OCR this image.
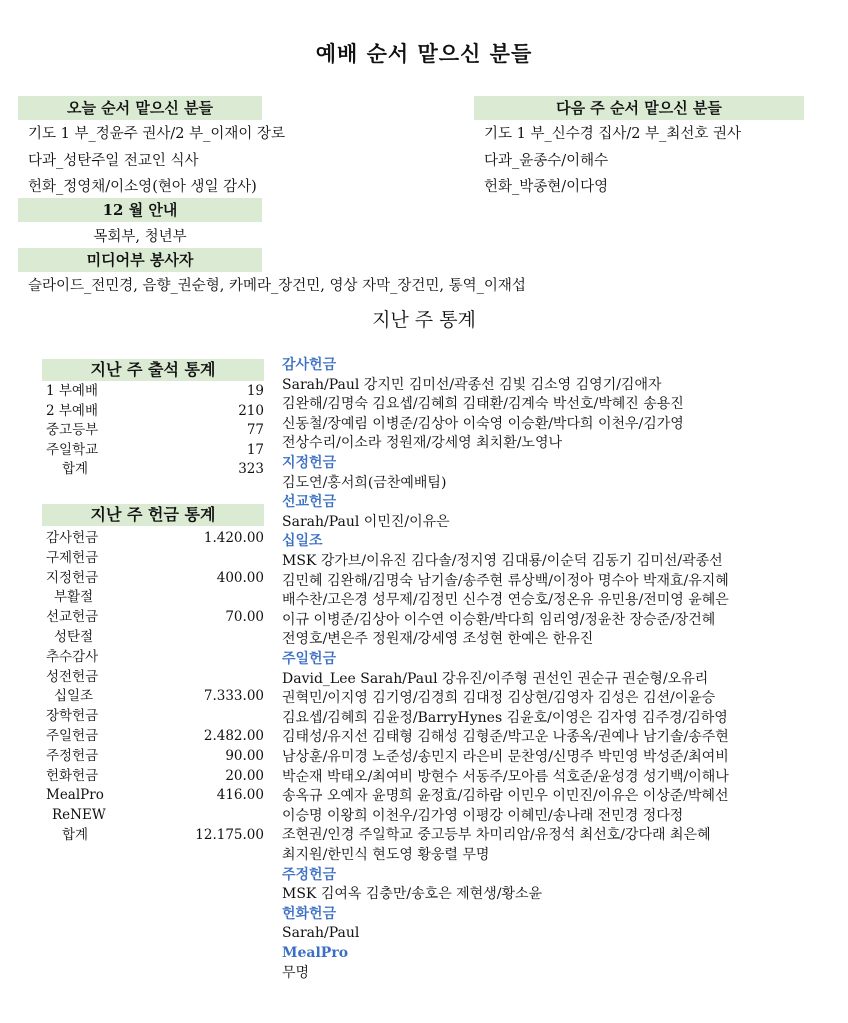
예배 순서 맡으신 분들
오늘 순서 맡으신 분들
기도 1 부_정윤주 권사/2 부_이재이 장로
다과_성탄주일 전교인 식사
헌화_정영채/이소영(현아 생일 감사)
다음 주 순서 맡으신 분들
기도 1 부_신수경 집사/2 부_최선호 권사
다과_윤종수/이해수
헌화_박종현/이다영
12 월 안내
목회부, 청년부
미디어부 봉사자
슬라이드_전민경, 음향_권순형, 카메라_장건민, 영상 자막_장건민, 통역_이재섭
지난 주 통계
지난 주 출석 통계
1 부예배	19
2 부예배	210
중고등부	77
주일학교	17
합계	323
지난 주 헌금 통계
감사헌금	1.420.00
구제헌금
지정헌금	400.00
부활절
선교헌금	70.00
성탄절
추수감사
성전헌금
십일조	7.333.00
장학헌금
주일헌금	2.482.00
주정헌금	90.00
헌화헌금	20.00
MealPro	416.00
ReNEW
합계	12.175.00
감사헌금
Sarah/Paul 강지민 김미선/곽종선 김빛 김소영 김영기/김애자
김완해/김명숙 김요셉/김혜희 김태환/김계숙 박선호/박혜진 송용진
신동철/장예림 이병준/김상아 이숙영 이승환/박다희 이천우/김가영
전상수리/이소라 정원재/강세영 최치환/노영나
지정헌금
김도연/홍서희(금찬예배팀)
선교헌금
Sarah/Paul 이민진/이유은
십일조
MSK 강가브/이유진 김다솔/정지영 김대룡/이순덕 김동기 김미선/곽종선
김민혜 김완해/김명숙 남기솔/송주현 류상백/이정아 명수아 박재효/유지혜
배수찬/고은경 성무제/김정민 신수경 연승호/정온유 유민용/전미영 윤혜은
이규 이병준/김상아 이수연 이승환/박다희 임리영/정윤찬 장승준/장건혜
전영호/변은주 정원재/강세영 조성현 한예은 한유진
주일헌금
David_Lee Sarah/Paul 강유진/이주형 권선인 권순규 권순형/오유리
권혁민/이지영 김기영/김경희 김대정 김상현/김영자 김성은 김션/이윤승
김요셉/김혜희 김윤정/BarryHynes 김윤호/이영은 김자영 김주경/김하영
김태성/유지선 김태형 김해성 김형준/박고운 나종옥/권예나 남기솔/송주현
남상훈/유미경 노준성/송민지 라은비 문찬영/신명주 박민영 박성준/최여비
박순재 박태오/최여비 방현수 서동주/모아름 석호준/윤성경 성기백/이해나
송옥규 오예자 윤명희 윤정효/김하람 이민우 이민진/이유은 이상준/박혜선
이승명 이왕희 이천우/김가영 이평강 이혜민/송나래 전민경 정다정
조현권/인경 주일학교 중고등부 차미리암/유정석 최선호/강다래 최은혜
최지원/한민식 현도영 황웅렬 무명
주정헌금
MSK 김여옥 김충만/송호은 제현생/황소윤
헌화헌금
Sarah/Paul
MealPro
무명
